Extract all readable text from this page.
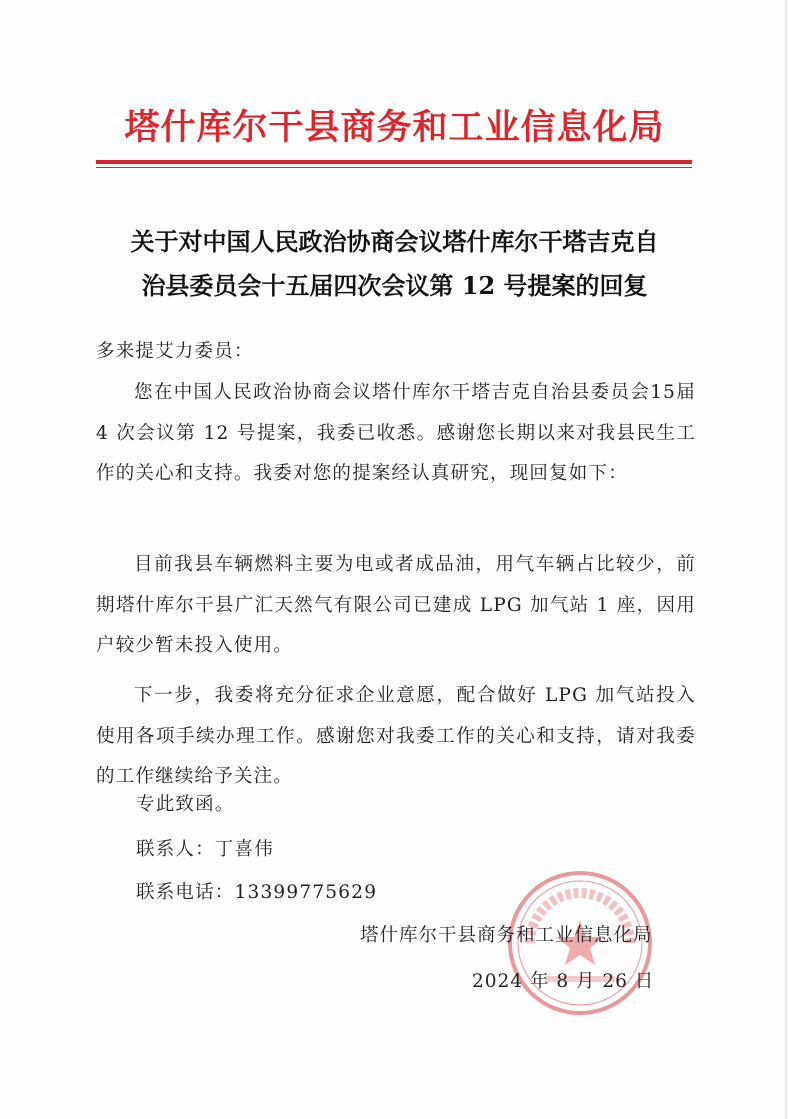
塔什库尔干县商务和工业信息化局
关于对中国人民政治协商会议塔什库尔干塔吉克自
治县委员会十五届四次会议第 12 号提案的回复
多来提艾力委员：

您在中国人民政治协商会议塔什库尔干塔吉克自治县委员会15届 4 次会议第 12 号提案，我委已收悉。感谢您长期以来对我县民生工作的关心和支持。我委对您的提案经认真研究，现回复如下：

目前我县车辆燃料主要为电或者成品油，用气车辆占比较少，前期塔什库尔干县广汇天然气有限公司已建成 LPG 加气站 1 座，因用户较少暂未投入使用。

下一步，我委将充分征求企业意愿，配合做好 LPG 加气站投入使用各项手续办理工作。感谢您对我委工作的关心和支持，请对我委的工作继续给予关注。

专此致函。
联系人：丁喜伟
联系电话：13399775629
塔什库尔干县商务和工业信息化局
2024 年 8 月 26 日
